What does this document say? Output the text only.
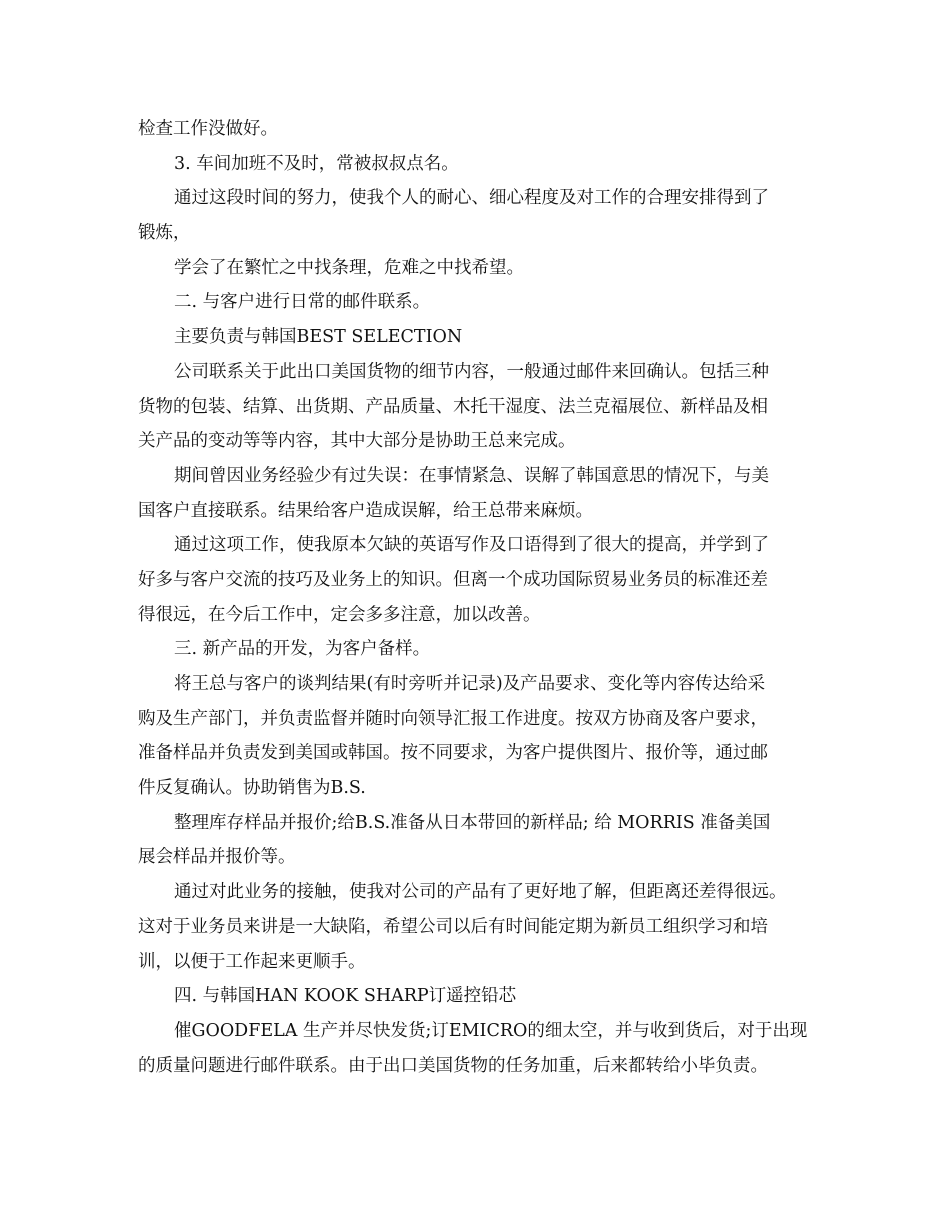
检查工作没做好。
3. 车间加班不及时，常被叔叔点名。
通过这段时间的努力，使我个人的耐心、细心程度及对工作的合理安排得到了
锻炼，
学会了在繁忙之中找条理，危难之中找希望。
二. 与客户进行日常的邮件联系。
主要负责与韩国BEST SELECTION
公司联系关于此出口美国货物的细节内容，一般通过邮件来回确认。包括三种
货物的包装、结算、出货期、产品质量、木托干湿度、法兰克福展位、新样品及相
关产品的变动等等内容，其中大部分是协助王总来完成。
期间曾因业务经验少有过失误：在事情紧急、误解了韩国意思的情况下，与美
国客户直接联系。结果给客户造成误解，给王总带来麻烦。
通过这项工作，使我原本欠缺的英语写作及口语得到了很大的提高，并学到了
好多与客户交流的技巧及业务上的知识。但离一个成功国际贸易业务员的标准还差
得很远，在今后工作中，定会多多注意，加以改善。
三. 新产品的开发，为客户备样。
将王总与客户的谈判结果(有时旁听并记录)及产品要求、变化等内容传达给采
购及生产部门，并负责监督并随时向领导汇报工作进度。按双方协商及客户要求，
准备样品并负责发到美国或韩国。按不同要求，为客户提供图片、报价等，通过邮
件反复确认。协助销售为B.S.
整理库存样品并报价;给B.S.准备从日本带回的新样品; 给 MORRIS 准备美国
展会样品并报价等。
通过对此业务的接触，使我对公司的产品有了更好地了解，但距离还差得很远。
这对于业务员来讲是一大缺陷，希望公司以后有时间能定期为新员工组织学习和培
训，以便于工作起来更顺手。
四. 与韩国HAN KOOK SHARP订遥控铅芯
催GOODFELA 生产并尽快发货;订EMICRO的细太空，并与收到货后，对于出现
的质量问题进行邮件联系。由于出口美国货物的任务加重，后来都转给小毕负责。
